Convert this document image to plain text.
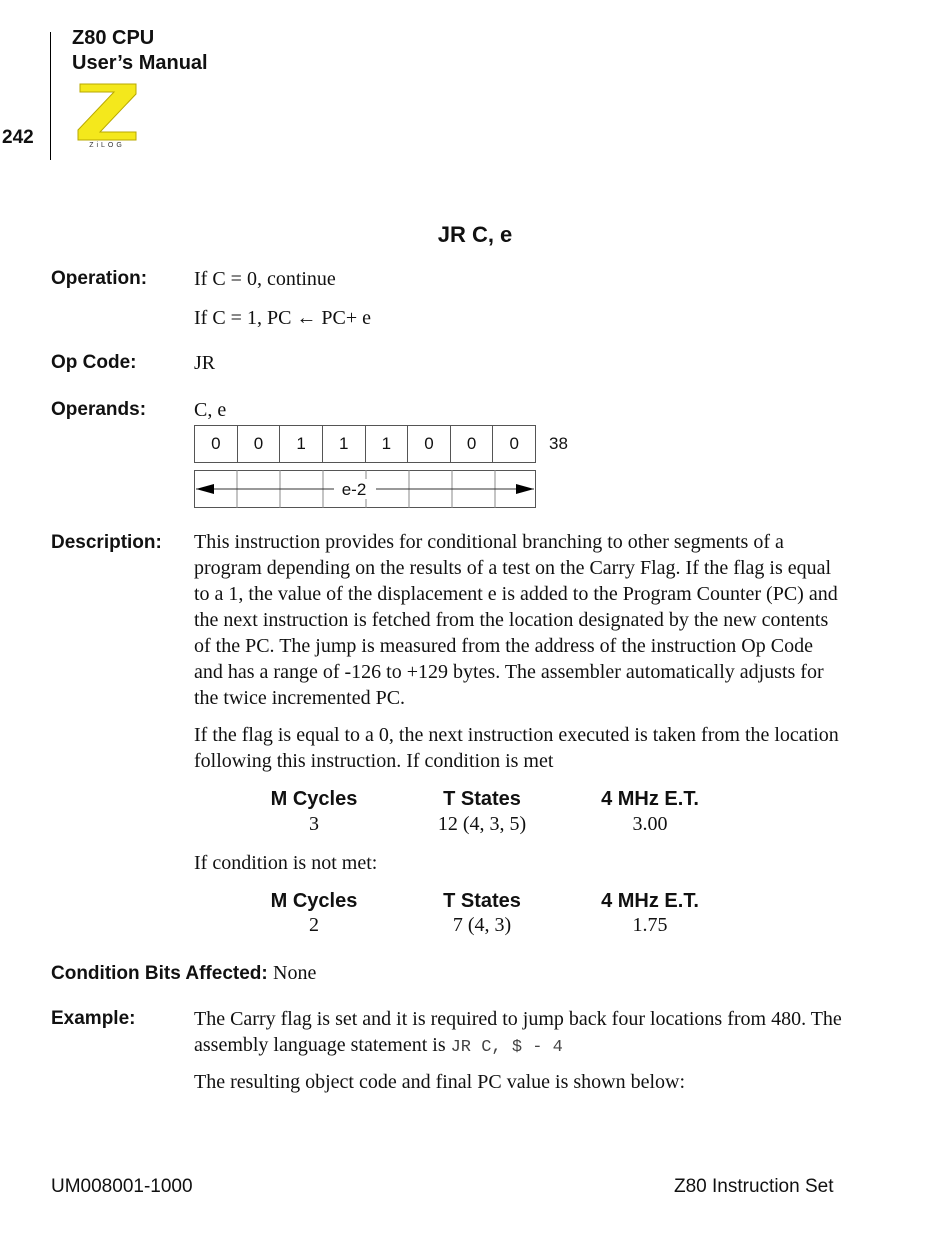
Z80 CPU
User’s Manual
242	ZiLOG
JR C, e
Operation: If C = 0, continue
If C = 1, PC ← PC+ e
Op Code:	JR
Operands: C, e
0	0	1	1	1	0	0	0	38
e-2
Description: This instruction provides for conditional branching to other segments of a program depending on the results of a test on the Carry Flag. If the flag is equal to a 1, the value of the displacement e is added to the Program Counter (PC) and the next instruction is fetched from the location designated by the new contents of the PC. The jump is measured from the address of the instruction Op Code and has a range of -126 to +129 bytes. The assembler automatically adjusts for the twice incremented PC.
If the flag is equal to a 0, the next instruction executed is taken from the location following this instruction. If condition is met
M Cycles	T States	4 MHz E.T.
3	12 (4, 3, 5)	3.00
If condition is not met:
M Cycles	T States	4 MHz E.T.
2	7 (4, 3)	1.75
Condition Bits Affected: None
Example:	The Carry flag is set and it is required to jump back four locations from 480. The assembly language statement is JR C, $ - 4
The resulting object code and final PC value is shown below:
UM008001-1000	Z80 Instruction Set
